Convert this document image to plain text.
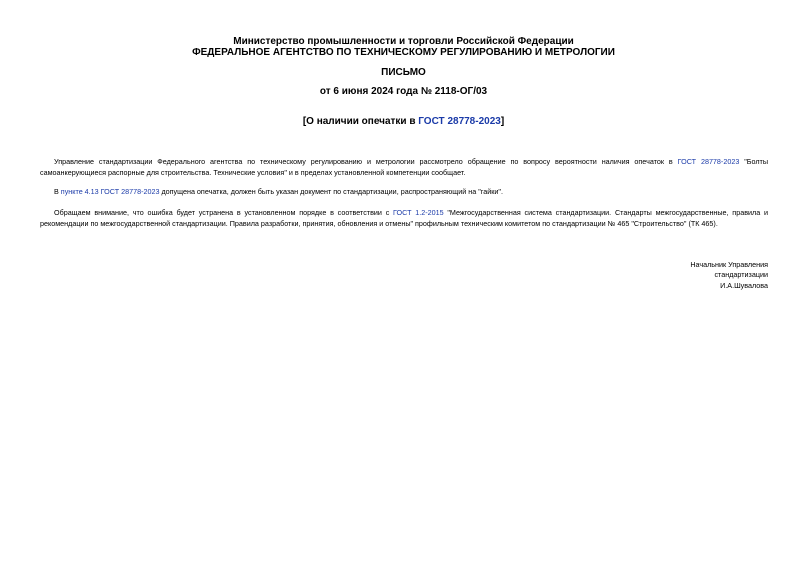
Министерство промышленности и торговли Российской Федерации
ФЕДЕРАЛЬНОЕ АГЕНТСТВО ПО ТЕХНИЧЕСКОМУ РЕГУЛИРОВАНИЮ И МЕТРОЛОГИИ
ПИСЬМО
от 6 июня 2024 года № 2118-ОГ/03
[О наличии опечатки в ГОСТ 28778-2023]
Управление стандартизации Федерального агентства по техническому регулированию и метрологии рассмотрело обращение по вопросу вероятности наличия опечаток в ГОСТ 28778-2023 "Болты самоанкерующиеся распорные для строительства. Технические условия" и в пределах установленной компетенции сообщает.
В пункте 4.13 ГОСТ 28778-2023 допущена опечатка, должен быть указан документ по стандартизации, распространяющий на "гайки".
Обращаем внимание, что ошибка будет устранена в установленном порядке в соответствии с ГОСТ 1.2-2015 "Межгосударственная система стандартизации. Стандарты межгосударственные, правила и рекомендации по межгосударственной стандартизации. Правила разработки, принятия, обновления и отмены" профильным техническим комитетом по стандартизации № 465 "Строительство" (ТК 465).
Начальник Управления
стандартизации
И.А.Шувалова
